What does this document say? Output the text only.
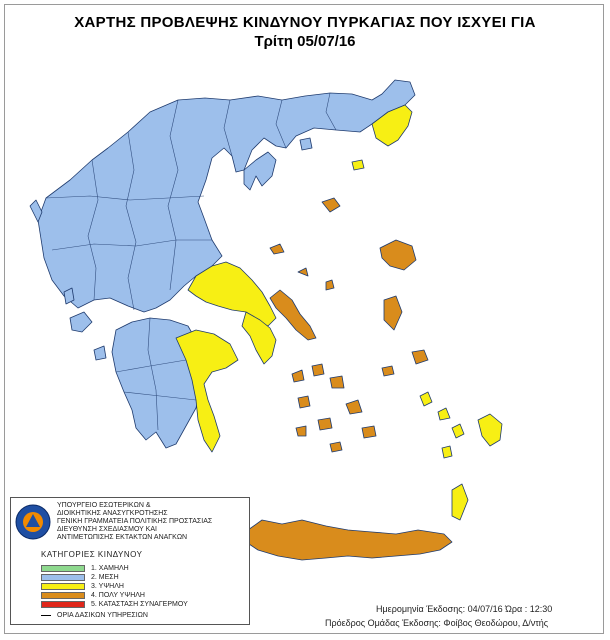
ΧΑΡΤΗΣ ΠΡΟΒΛΕΨΗΣ ΚΙΝΔΥΝΟΥ ΠΥΡΚΑΓΙΑΣ ΠΟΥ ΙΣΧΥΕΙ ΓΙΑ
Τρίτη 05/07/16
ΥΠΟΥΡΓΕΙΟ ΕΣΩΤΕΡΙΚΩΝ &
ΔΙΟΙΚΗΤΙΚΗΣ ΑΝΑΣΥΓΚΡΟΤΗΣΗΣ
ΓΕΝΙΚΗ ΓΡΑΜΜΑΤΕΙΑ ΠΟΛΙΤΙΚΗΣ ΠΡΟΣΤΑΣΙΑΣ
ΔΙΕΥΘΥΝΣΗ ΣΧΕΔΙΑΣΜΟΥ ΚΑΙ
ΑΝΤΙΜΕΤΩΠΙΣΗΣ ΕΚΤΑΚΤΩΝ ΑΝΑΓΚΩΝ
ΚΑΤΗΓΟΡΙΕΣ ΚΙΝΔΥΝΟΥ
1. ΧΑΜΗΛΗ
2. ΜΕΣΗ
3. ΥΨΗΛΗ
4. ΠΟΛΥ ΥΨΗΛΗ
5. ΚΑΤΑΣΤΑΣΗ ΣΥΝΑΓΕΡΜΟΥ
ΟΡΙΑ ΔΑΣΙΚΩΝ ΥΠΗΡΕΣΙΩΝ
Ημερομηνία Έκδοσης: 04/07/16 Ώρα : 12:30
Πρόεδρος Ομάδας Έκδοσης: Φοίβος Θεοδώρου, Δ/ντής
